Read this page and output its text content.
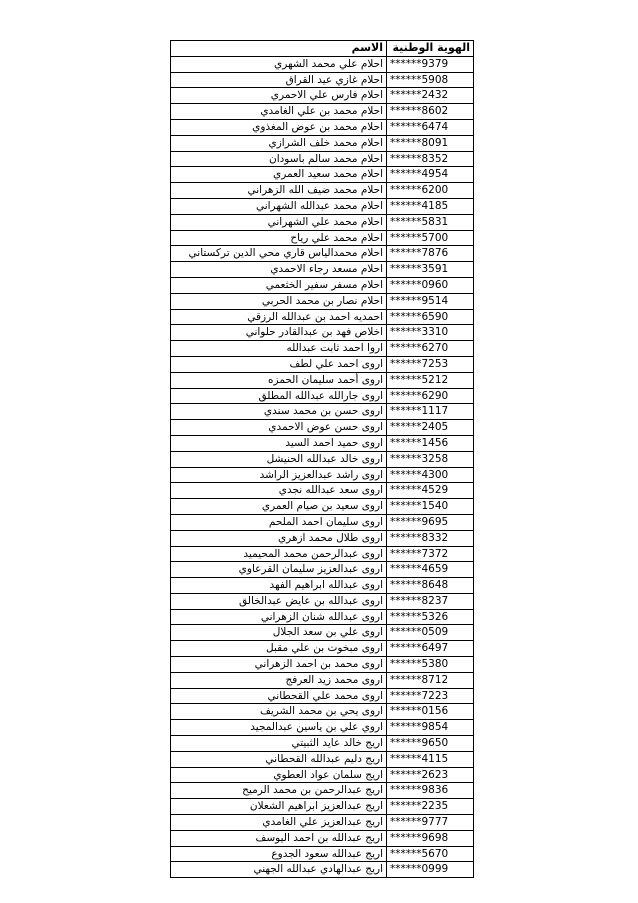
الهوية الوطنية	الاسم
******9379	احلام علي محمد الشهري
******5908	احلام غازي عيد القراق
******2432	احلام فارس علي الاحمري
******8602	احلام محمد بن علي الغامدي
******6474	احلام محمد بن عوض المغذوي
******8091	احلام محمد خلف الشرازي
******8352	احلام محمد سالم باسودان
******4954	احلام محمد سعيد العمري
******6200	احلام محمد ضيف الله الزهراني
******4185	احلام محمد عبدالله الشهراني
******5831	احلام محمد علي الشهراني
******5700	احلام محمد علي رياح
******7876	احلام محمدالياس قاري محي الدين تركستاني
******3591	احلام مسعد رجاء الاحمدي
******0960	احلام مسفر سفير الخثعمي
******9514	احلام نصار بن محمد الحربي
******6590	احمديه احمد بن عبدالله الرزقي
******3310	اخلاص فهد بن عبدالقادر حلواني
******6270	اروا احمد ثابت عبدالله
******7253	اروى احمد علي لطف
******5212	اروى أحمد سليمان الحمزه
******6290	اروى جارالله عبدالله المطلق
******1117	اروى حسن بن محمد سندي
******2405	اروى حسن عوض الاحمدي
******1456	اروى حميد احمد السيد
******3258	اروى خالد عبدالله الحنيشل
******4300	اروى راشد عبدالعزيز الراشد
******4529	اروى سعد عبدالله نجدي
******1540	اروى سعيد بن صيام العمري
******9695	اروى سليمان احمد الملحم
******8332	اروى طلال محمد ازهري
******7372	اروى عبدالرحمن محمد المحيميد
******4659	اروى عبدالعزيز سليمان القرعاوي
******8648	اروى عبدالله ابراهيم الفهد
******8237	اروى عبدالله بن عايض عبدالخالق
******5326	اروى عبدالله شنان الزهراني
******0509	اروى علي بن سعد الجلال
******6497	اروى مبخوت بن علي مقبل
******5380	اروى محمد بن احمد الزهراني
******8712	اروى محمد زيد العرفج
******7223	اروى محمد علي القحطاني
******0156	اروى يحي بن محمد الشريف
******9854	اروي علي بن ياسين عبدالمجيد
******9650	اريج خالد عايد الثبيتي
******4115	اريج دليم عبدالله القحطاني
******2623	اريج سلمان عواد العطوي
******9836	اريج عبدالرحمن بن محمد الرميح
******2235	اريج عبدالعزيز ابراهيم الشعلان
******9777	اريج عبدالعزيز علي الغامدي
******9698	اريج عبدالله بن احمد اليوسف
******5670	اريج عبدالله سعود الجدوع
******0999	اريج عبدالهادي عبدالله الجهني
